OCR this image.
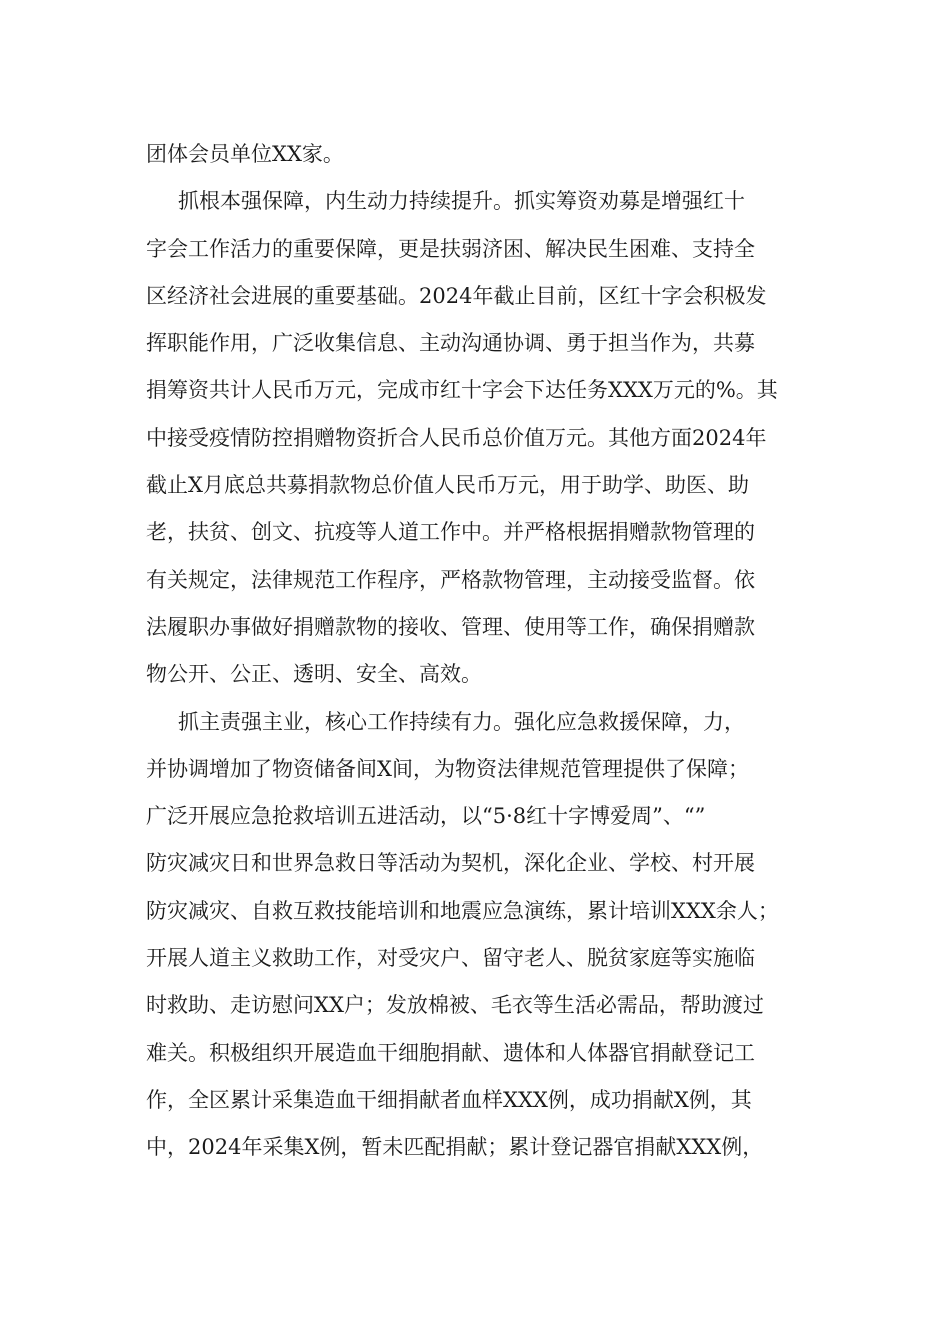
团体会员单位XX家。
抓根本强保障，内生动力持续提升。抓实筹资劝募是增强红十
字会工作活力的重要保障，更是扶弱济困、解决民生困难、支持全
区经济社会进展的重要基础。2024年截止目前，区红十字会积极发
挥职能作用，广泛收集信息、主动沟通协调、勇于担当作为，共募
捐筹资共计人民币万元，完成市红十字会下达任务XXX万元的%。其
中接受疫情防控捐赠物资折合人民币总价值万元。其他方面2024年
截止X月底总共募捐款物总价值人民币万元，用于助学、助医、助
老，扶贫、创文、抗疫等人道工作中。并严格根据捐赠款物管理的
有关规定，法律规范工作程序，严格款物管理，主动接受监督。依
法履职办事做好捐赠款物的接收、管理、使用等工作，确保捐赠款
物公开、公正、透明、安全、高效。
抓主责强主业，核心工作持续有力。强化应急救援保障，力，
并协调增加了物资储备间X间，为物资法律规范管理提供了保障；
广泛开展应急抢救培训五进活动，以“5·8红十字博爱周”、“”
防灾减灾日和世界急救日等活动为契机，深化企业、学校、村开展
防灾减灾、自救互救技能培训和地震应急演练，累计培训XXX余人；
开展人道主义救助工作，对受灾户、留守老人、脱贫家庭等实施临
时救助、走访慰问XX户；发放棉被、毛衣等生活必需品，帮助渡过
难关。积极组织开展造血干细胞捐献、遗体和人体器官捐献登记工
作，全区累计采集造血干细捐献者血样XXX例，成功捐献X例，其
中，2024年采集X例，暂未匹配捐献；累计登记器官捐献XXX例，
